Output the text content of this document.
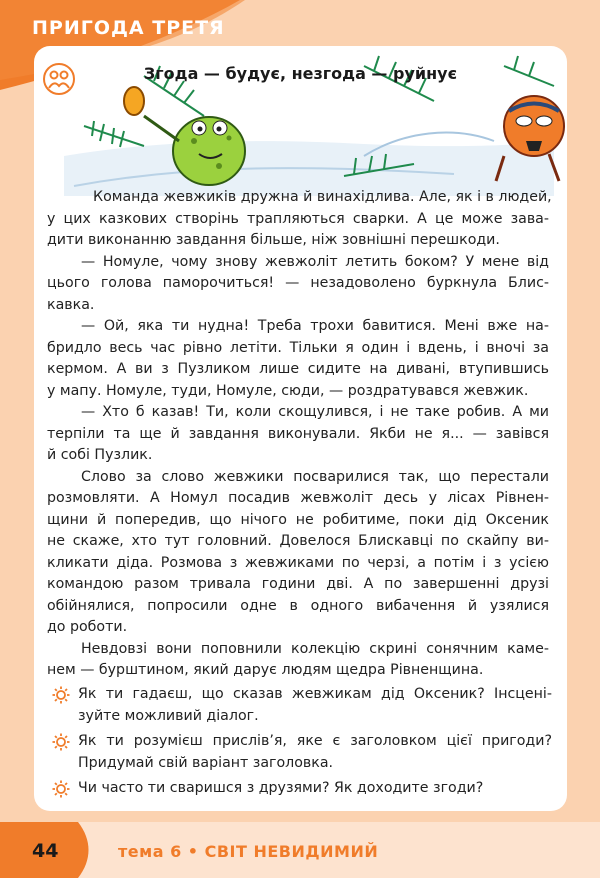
ПРИГОДА ТРЕТЯ
Згода — будує, незгода — руйнує

Команда жевжиків дружна й винахідлива. Але, як і в людей,
у цих казкових створінь трапляються сварки. А це може зава-
дити виконанню завдання більше, ніж зовнішні перешкоди.

— Номуле, чому знову жевжоліт летить боком? У мене від
цього голова паморочиться! — незадоволено буркнула Блис-
кавка.

— Ой, яка ти нудна! Треба трохи бавитися. Мені вже на-
бридло весь час рівно летіти. Тільки я один і вдень, і вночі за
кермом. А ви з Пузликом лише сидите на дивані, втупившись
у мапу. Номуле, туди, Номуле, сюди, — роздратувався жевжик.

— Хто б казав! Ти, коли скощулився, і не таке робив. А ми
терпіли та ще й завдання виконували. Якби не я... — завівся
й собі Пузлик.

Слово за слово жевжики посварилися так, що перестали
розмовляти. А Номул посадив жевжоліт десь у лісах Рівнен-
щини й попередив, що нічого не робитиме, поки дід Оксеник
не скаже, хто тут головний. Довелося Блискавці по скайпу ви-
кликати діда. Розмова з жевжиками по черзі, а потім і з усією
командою разом тривала години дві. А по завершенні друзі
обійнялися, попросили одне в одного вибачення й узялися
до роботи.

Невдовзі вони поповнили колекцію скрині сонячним каме-
нем — бурштином, який дарує людям щедра Рівненщина.

Як ти гадаєш, що сказав жевжикам дід Оксеник? Інсцені-
зуйте можливий діалог.
Як ти розумієш прислів’я, яке є заголовком цієї пригоди?
Придумай свій варіант заголовка.
Чи часто ти сваришся з друзями? Як доходите згоди?
44	тема 6 • СВІТ НЕВИДИМИЙ
